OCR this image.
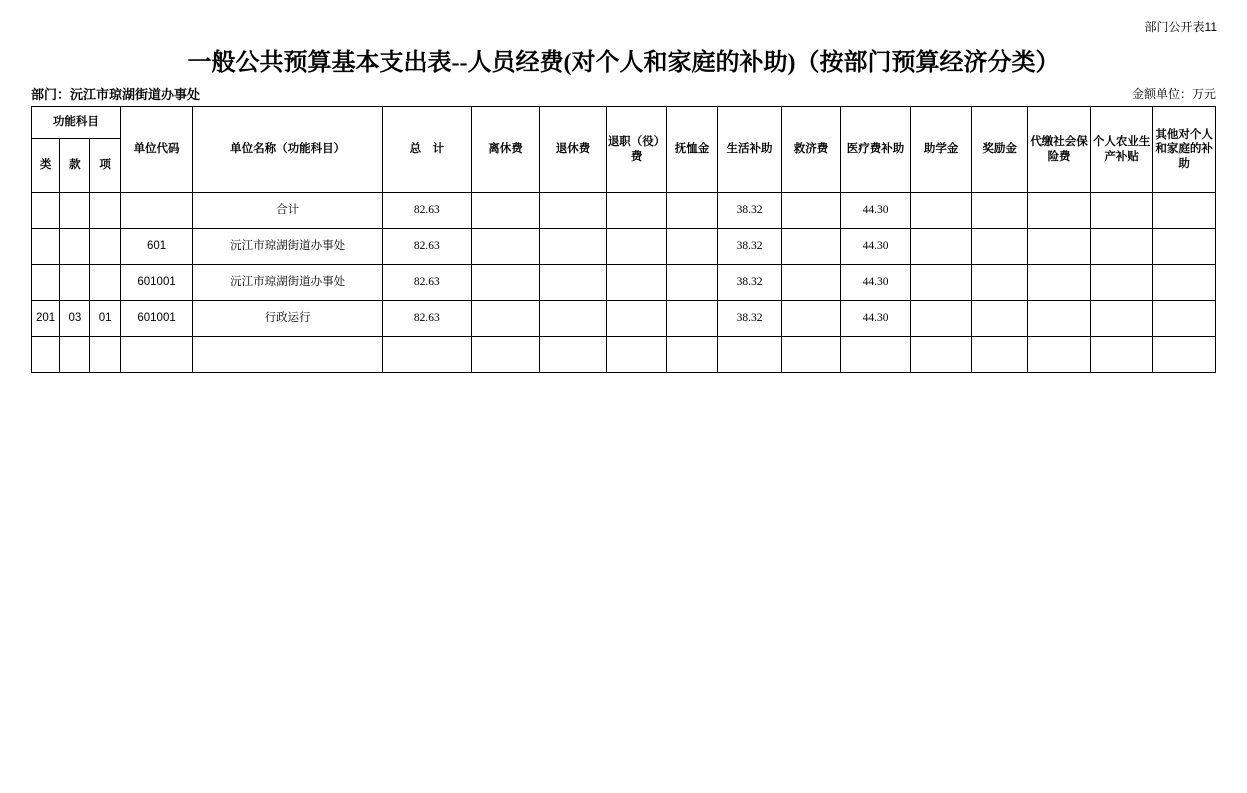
部门公开表11
一般公共预算基本支出表--人员经费(对个人和家庭的补助)（按部门预算经济分类）
部门：沅江市琼湖街道办事处	金额单位：万元
功能科目			单位代码	单位名称（功能科目）	总　计	离休费	退休费	退职（役）费	抚恤金	生活补助	救济费	医疗费补助	助学金	奖励金	代缴社会保险费	个人农业生产补贴	其他对个人和家庭的补助
类	款	项															
				合计	82.63					38.32		44.30					
			601	沅江市琼湖街道办事处	82.63					38.32		44.30					
			601001	沅江市琼湖街道办事处	82.63					38.32		44.30					
201	03	01	601001	行政运行	82.63					38.32		44.30					
